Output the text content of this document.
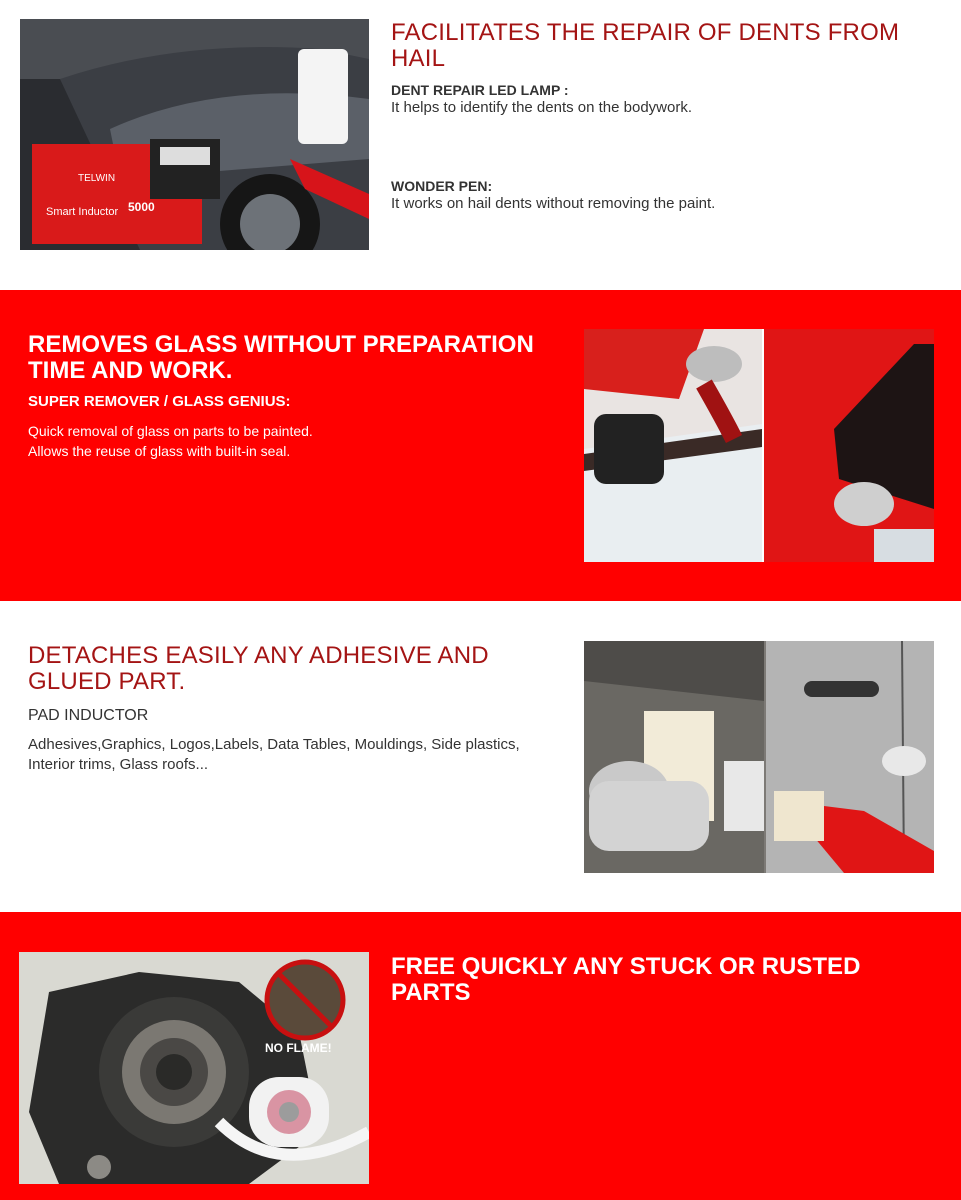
TELWIN
Smart Inductor 5000
FACILITATES THE REPAIR OF DENTS FROM HAIL

DENT REPAIR LED LAMP :

It helps to identify the dents on the bodywork.

WONDER PEN:

It works on hail dents without removing the paint.

REMOVES GLASS WITHOUT PREPARATION
TIME AND WORK.

SUPER REMOVER / GLASS GENIUS:

Quick removal of glass on parts to be painted.

Allows the reuse of glass with built-in seal.

DETACHES EASILY ANY ADHESIVE AND
GLUED PART.

PAD INDUCTOR

Adhesives,Graphics, Logos,Labels, Data Tables, Mouldings, Side plastics, Interior trims, Glass roofs...

NO FLAME!
FREE QUICKLY ANY STUCK OR RUSTED
PARTS
